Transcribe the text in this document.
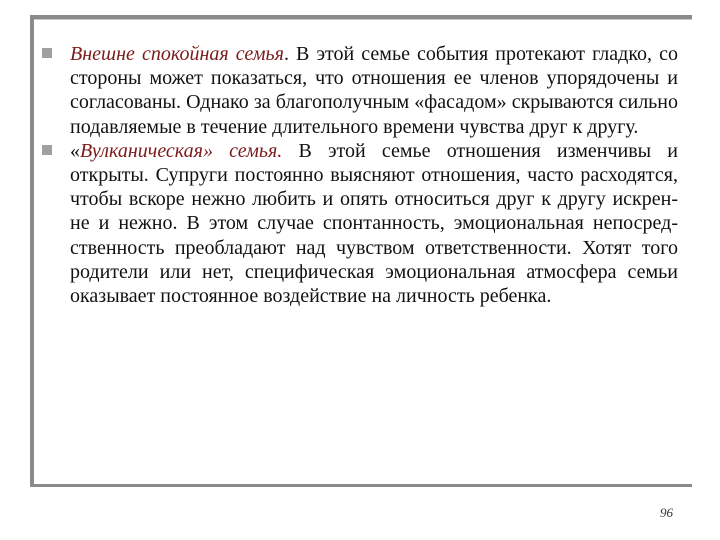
Внешне спокойная семья. В этой семье события протекают гладко, со стороны может показаться, что отношения ее членов упорядочены и согласованы. Однако за благополучным «фасадом» скрываются сильно подавляемые в течение длительного времени чувства друг к другу.
«Вулканическая» семья. В этой семье отношения изменчивы и открыты. Супруги постоянно выясняют отношения, часто расходятся, чтобы вскоре нежно любить и опять относиться друг к другу искрен-не и нежно. В этом случае спонтанность, эмоциональная непосред-ственность преобладают над чувством ответственности. Хотят того родители или нет, специфическая эмоциональная атмосфера семьи оказывает постоянное воздействие на личность ребенка.
96
